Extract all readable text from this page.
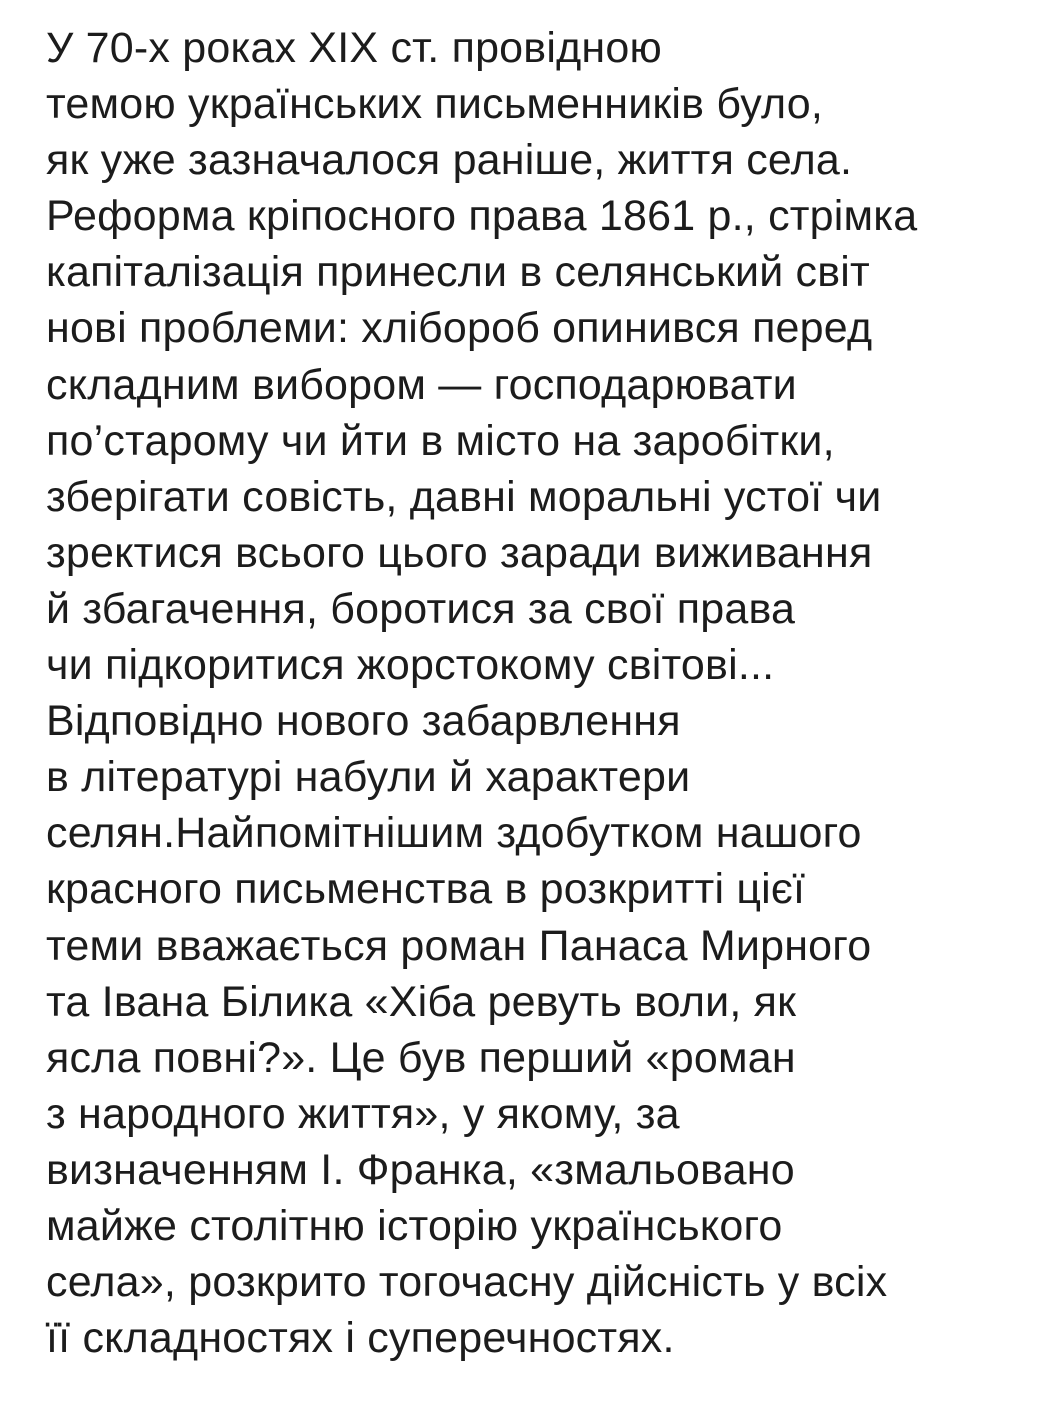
У 70-х роках XIX ст. провідною
темою українських письменників було,
як уже зазначалося раніше, життя села.
Реформа кріпосного права 1861 р., стрімка
капіталізація принесли в селянський світ
нові проблеми: хлібороб опинився перед
складним вибором — господарювати
по’старому чи йти в місто на заробітки,
зберігати совість, давні моральні устої чи
зректися всього цього заради виживання
й збагачення, боротися за свої права
чи підкоритися жорстокому світові...
Відповідно нового забарвлення
в літературі набули й характери
селян.Найпомітнішим здобутком нашого
красного письменства в розкритті цієї
теми вважається роман Панаса Мирного
та Івана Білика «Хіба ревуть воли, як
ясла повні?». Це був перший «роман
з народного життя», у якому, за
визначенням І. Франка, «змальовано
майже столітню історію українського
села», розкрито тогочасну дійсність у всіх
її складностях і суперечностях.
